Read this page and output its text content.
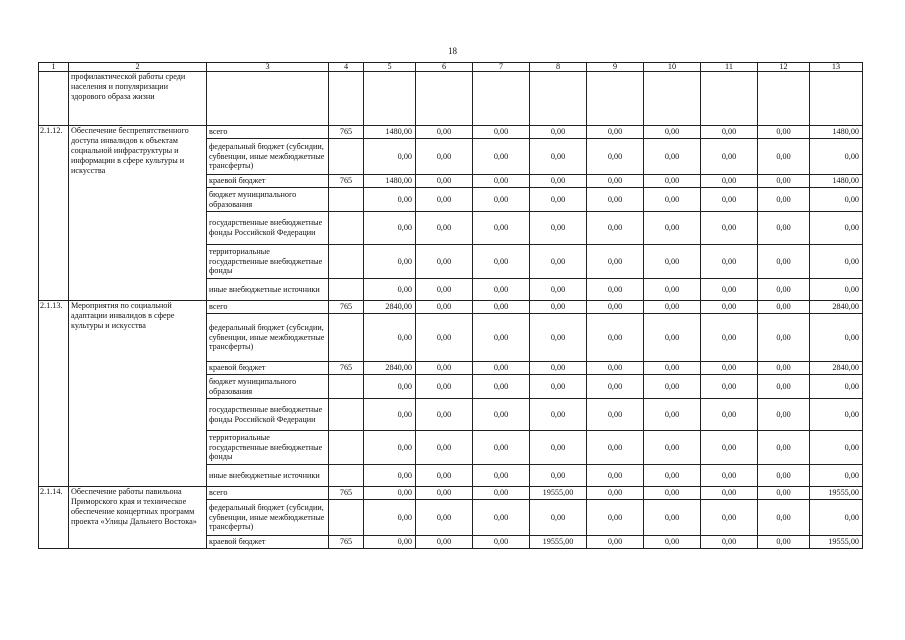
18
1	2	3	4	5	6	7	8	9	10	11	12	13
	профилактической работы среди населения и популяризации здорового образа жизни											
2.1.12.	Обеспечение беспрепятственного доступа инвалидов к объектам социальной инфраструктуры и информации в сфере культуры и искусства	всего	765	1480,00	0,00	0,00	0,00	0,00	0,00	0,00	0,00	1480,00
		федеральный бюджет (субсидии, субвенции, иные межбюджетные трансферты)		0,00	0,00	0,00	0,00	0,00	0,00	0,00	0,00	0,00
		краевой бюджет	765	1480,00	0,00	0,00	0,00	0,00	0,00	0,00	0,00	1480,00
		бюджет муниципального образования		0,00	0,00	0,00	0,00	0,00	0,00	0,00	0,00	0,00
		государственные внебюджетные фонды Российской Федерации		0,00	0,00	0,00	0,00	0,00	0,00	0,00	0,00	0,00
		территориальные государственные внебюджетные фонды		0,00	0,00	0,00	0,00	0,00	0,00	0,00	0,00	0,00
		иные внебюджетные источники		0,00	0,00	0,00	0,00	0,00	0,00	0,00	0,00	0,00
2.1.13.	Мероприятия по социальной адаптации инвалидов в сфере культуры и искусства	всего	765	2840,00	0,00	0,00	0,00	0,00	0,00	0,00	0,00	2840,00
		федеральный бюджет (субсидии, субвенции, иные межбюджетные трансферты)		0,00	0,00	0,00	0,00	0,00	0,00	0,00	0,00	0,00
		краевой бюджет	765	2840,00	0,00	0,00	0,00	0,00	0,00	0,00	0,00	2840,00
		бюджет муниципального образования		0,00	0,00	0,00	0,00	0,00	0,00	0,00	0,00	0,00
		государственные внебюджетные фонды Российской Федерации		0,00	0,00	0,00	0,00	0,00	0,00	0,00	0,00	0,00
		территориальные государственные внебюджетные фонды		0,00	0,00	0,00	0,00	0,00	0,00	0,00	0,00	0,00
		иные внебюджетные источники		0,00	0,00	0,00	0,00	0,00	0,00	0,00	0,00	0,00
2.1.14.	Обеспечение работы павильона Приморского края и техническое обеспечение концертных программ проекта «Улицы Дальнего Востока»	всего	765	0,00	0,00	0,00	19555,00	0,00	0,00	0,00	0,00	19555,00
		федеральный бюджет (субсидии, субвенции, иные межбюджетные трансферты)		0,00	0,00	0,00	0,00	0,00	0,00	0,00	0,00	0,00
		краевой бюджет	765	0,00	0,00	0,00	19555,00	0,00	0,00	0,00	0,00	19555,00
